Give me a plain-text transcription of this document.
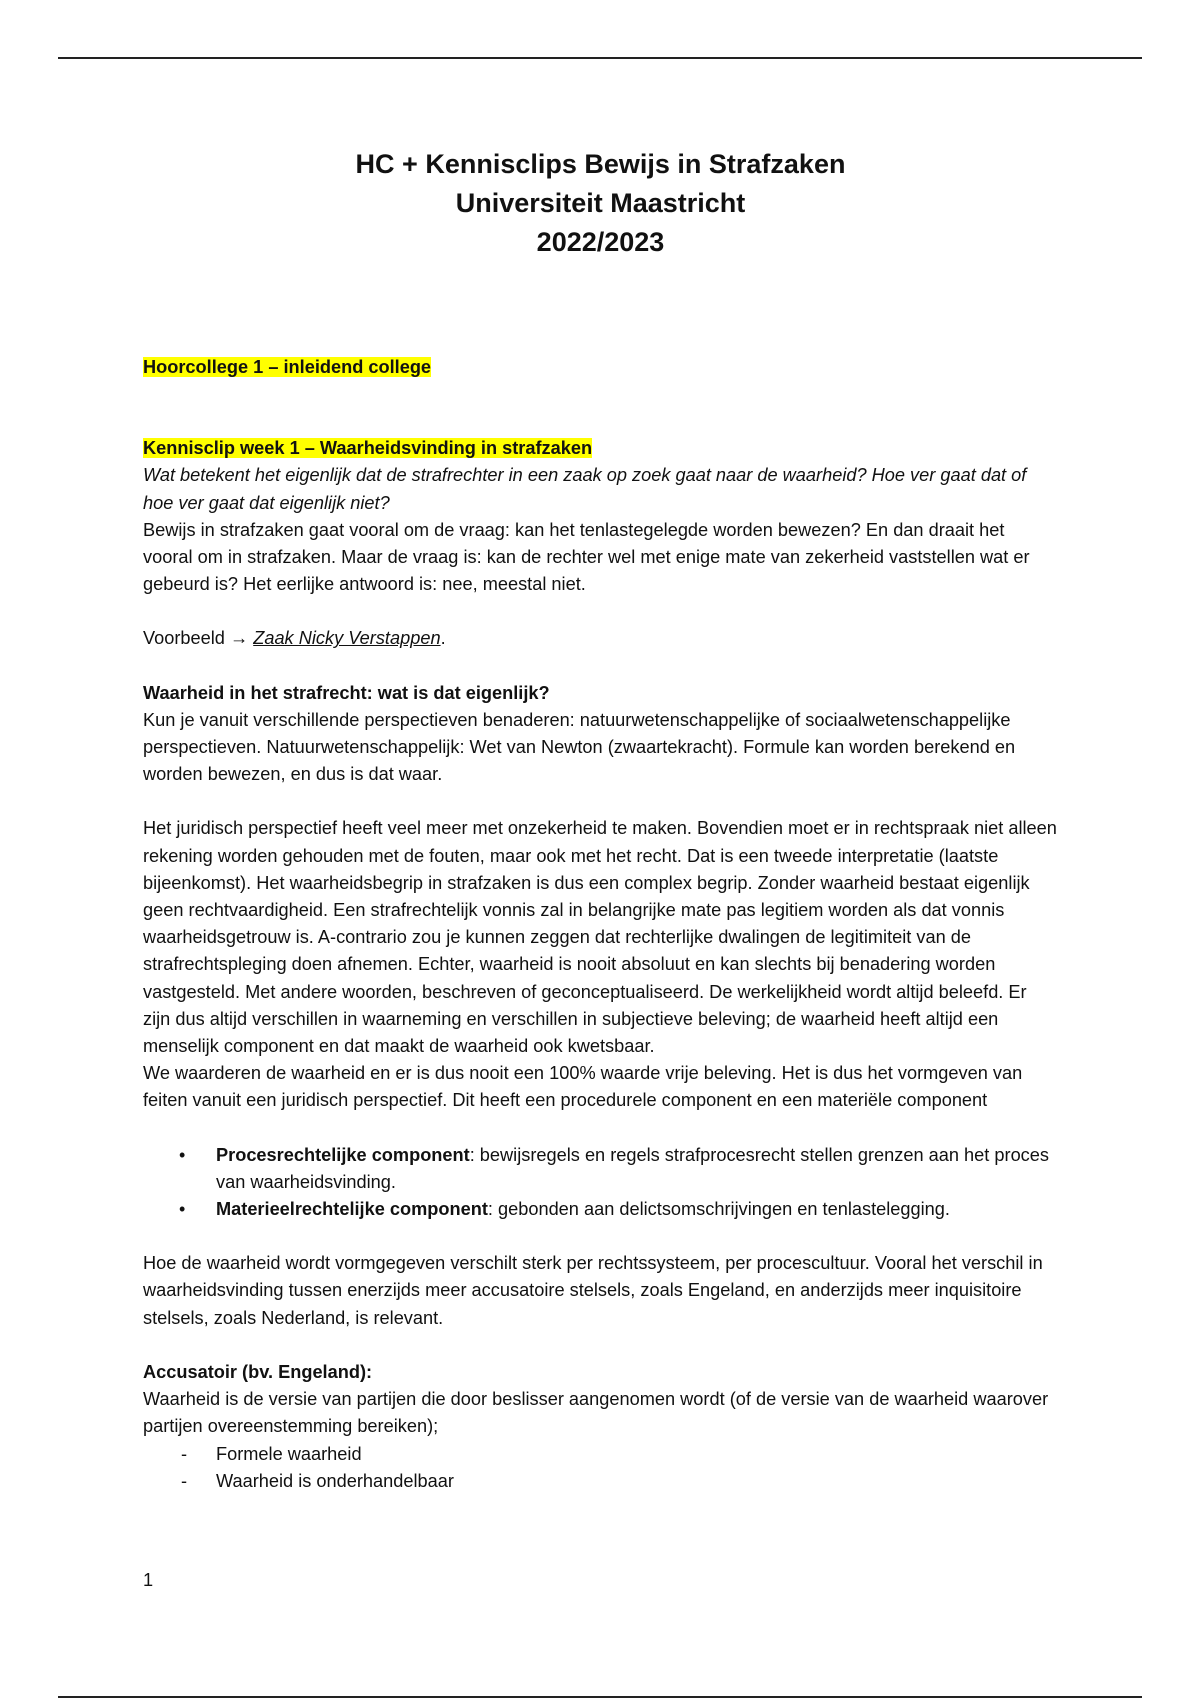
HC + Kennisclips Bewijs in Strafzaken
Universiteit Maastricht
2022/2023

Hoorcollege 1 – inleidend college

Kennisclip week 1 – Waarheidsvinding in strafzaken

Wat betekent het eigenlijk dat de strafrechter in een zaak op zoek gaat naar de waarheid? Hoe ver gaat dat of hoe ver gaat dat eigenlijk niet?

Bewijs in strafzaken gaat vooral om de vraag: kan het tenlastegelegde worden bewezen? En dan draait het vooral om in strafzaken. Maar de vraag is: kan de rechter wel met enige mate van zekerheid vaststellen wat er gebeurd is? Het eerlijke antwoord is: nee, meestal niet.

Voorbeeld → Zaak Nicky Verstappen.

Waarheid in het strafrecht: wat is dat eigenlijk?

Kun je vanuit verschillende perspectieven benaderen: natuurwetenschappelijke of sociaalwetenschappelijke perspectieven. Natuurwetenschappelijk: Wet van Newton (zwaartekracht). Formule kan worden berekend en worden bewezen, en dus is dat waar.

Het juridisch perspectief heeft veel meer met onzekerheid te maken. Bovendien moet er in rechtspraak niet alleen rekening worden gehouden met de fouten, maar ook met het recht. Dat is een tweede interpretatie (laatste bijeenkomst). Het waarheidsbegrip in strafzaken is dus een complex begrip. Zonder waarheid bestaat eigenlijk geen rechtvaardigheid. Een strafrechtelijk vonnis zal in belangrijke mate pas legitiem worden als dat vonnis waarheidsgetrouw is. A-contrario zou je kunnen zeggen dat rechterlijke dwalingen de legitimiteit van de strafrechtspleging doen afnemen. Echter, waarheid is nooit absoluut en kan slechts bij benadering worden vastgesteld. Met andere woorden, beschreven of geconceptualiseerd. De werkelijkheid wordt altijd beleefd. Er zijn dus altijd verschillen in waarneming en verschillen in subjectieve beleving; de waarheid heeft altijd een menselijk component en dat maakt de waarheid ook kwetsbaar.

We waarderen de waarheid en er is dus nooit een 100% waarde vrije beleving. Het is dus het vormgeven van feiten vanuit een juridisch perspectief. Dit heeft een procedurele component en een materiële component

• Procesrechtelijke component: bewijsregels en regels strafprocesrecht stellen grenzen aan het proces van waarheidsvinding.
• Materieelrechtelijke component: gebonden aan delictsomschrijvingen en tenlastelegging.

Hoe de waarheid wordt vormgegeven verschilt sterk per rechtssysteem, per procescultuur. Vooral het verschil in waarheidsvinding tussen enerzijds meer accusatoire stelsels, zoals Engeland, en anderzijds meer inquisitoire stelsels, zoals Nederland, is relevant.

Accusatoir (bv. Engeland):

Waarheid is de versie van partijen die door beslisser aangenomen wordt (of de versie van de waarheid waarover partijen overeenstemming bereiken);

- Formele waarheid
- Waarheid is onderhandelbaar
1
